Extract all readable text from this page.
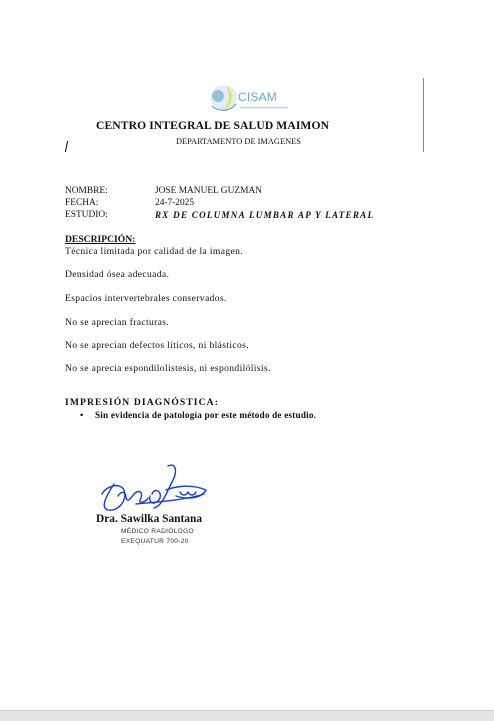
CISAM
CENTRO INTEGRAL DE SALUD MAIMON
DEPARTAMENTO DE IMAGENES
NOMBRE:	JOSE MANUEL GUZMAN
FECHA:	24-7-2025
ESTUDIO:	RX DE COLUMNA LUMBAR AP Y LATERAL
DESCRIPCIÓN:
Técnica limitada por calidad de la imagen.
Densidad ósea adecuada.
Espacios intervertebrales conservados.
No se aprecian fracturas.
No se aprecian defectos líticos, ni blásticos.
No se aprecia espondilolistesis, ni espondilólisis.
IMPRESIÓN DIAGNÓSTICA:
• Sin evidencia de patología por este método de estudio.
Dra. Sawilka Santana
MÉDICO RADIÓLOGO
EXEQUATUR 700-20
